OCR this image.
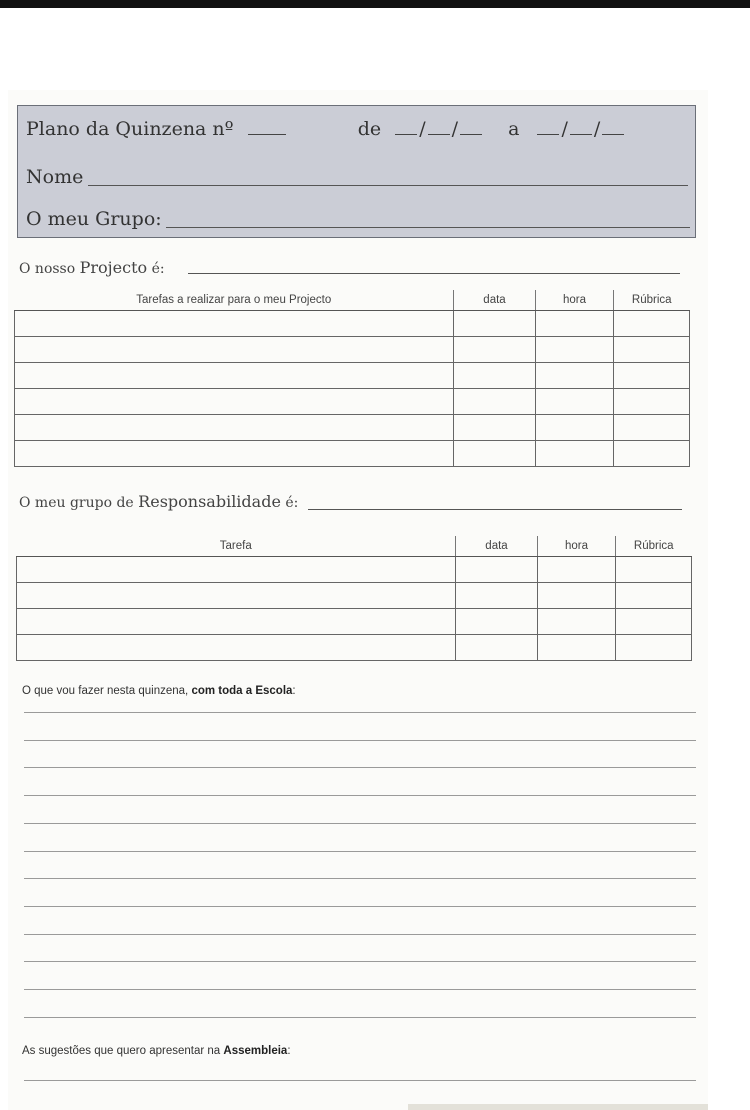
Plano da Quinzena nº	de / /	a / /
Nome
O meu Grupo:
O nosso Projecto é:
Tarefas a realizar para o meu Projecto	data	hora	Rúbrica

O meu grupo de Responsabilidade é:
Tarefa	data	hora	Rúbrica

O que vou fazer nesta quinzena, com toda a Escola:
As sugestões que quero apresentar na Assembleia:
